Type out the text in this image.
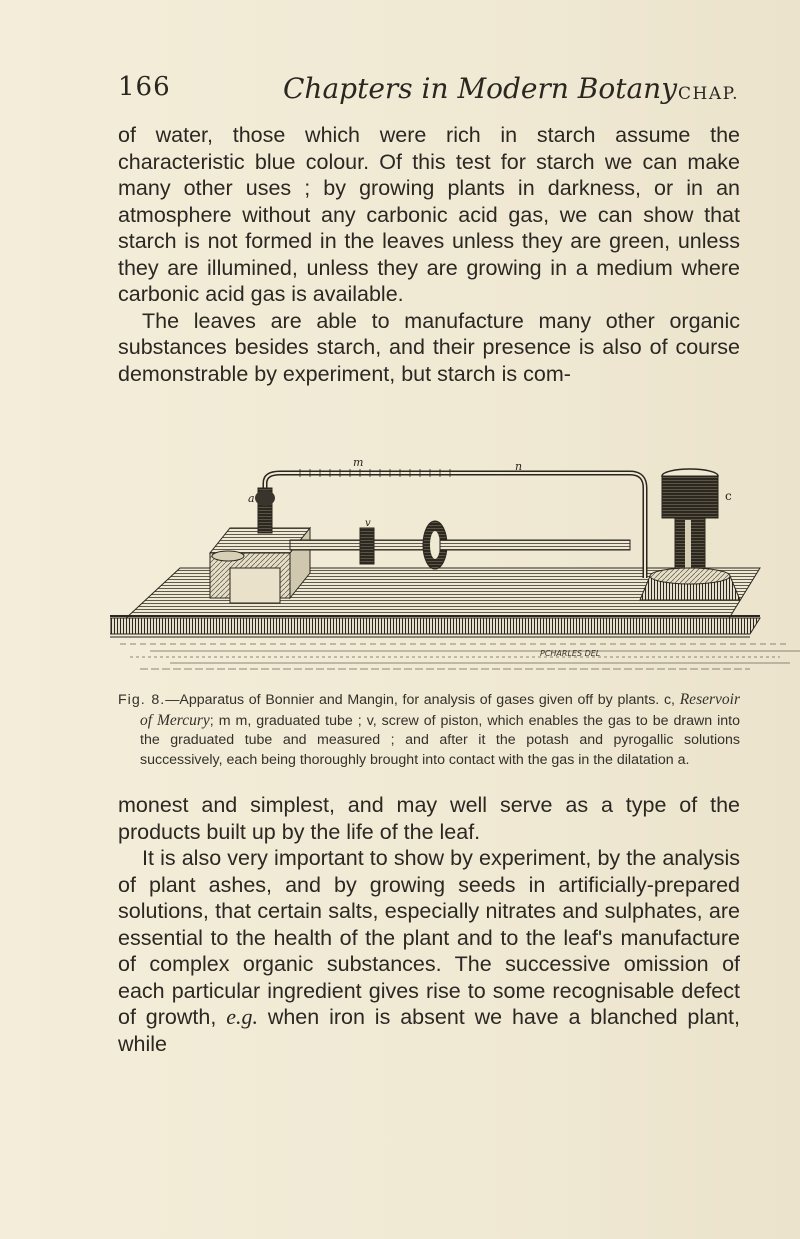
166	Chapters in Modern Botany CHAP.

of water, those which were rich in starch assume the characteristic blue colour. Of this test for starch we can make many other uses ; by growing plants in darkness, or in an atmosphere without any carbonic acid gas, we can show that starch is not formed in the leaves unless they are green, unless they are illumined, unless they are growing in a medium where carbonic acid gas is available.

The leaves are able to manufacture many other organic substances besides starch, and their presence is also of course demonstrable by experiment, but starch is com-

m	n
c
a
v
PCHARLES DEL

Fig. 8.—Apparatus of Bonnier and Mangin, for analysis of gases given off by plants. c, Reservoir of Mercury; m m, graduated tube ; v, screw of piston, which enables the gas to be drawn into the graduated tube and measured ; and after it the potash and pyrogallic solutions successively, each being thoroughly brought into contact with the gas in the dilatation a.

monest and simplest, and may well serve as a type of the products built up by the life of the leaf.

It is also very important to show by experiment, by the analysis of plant ashes, and by growing seeds in artificially-prepared solutions, that certain salts, especially nitrates and sulphates, are essential to the health of the plant and to the leaf's manufacture of complex organic substances. The successive omission of each particular ingredient gives rise to some recognisable defect of growth, e.g. when iron is absent we have a blanched plant, while
